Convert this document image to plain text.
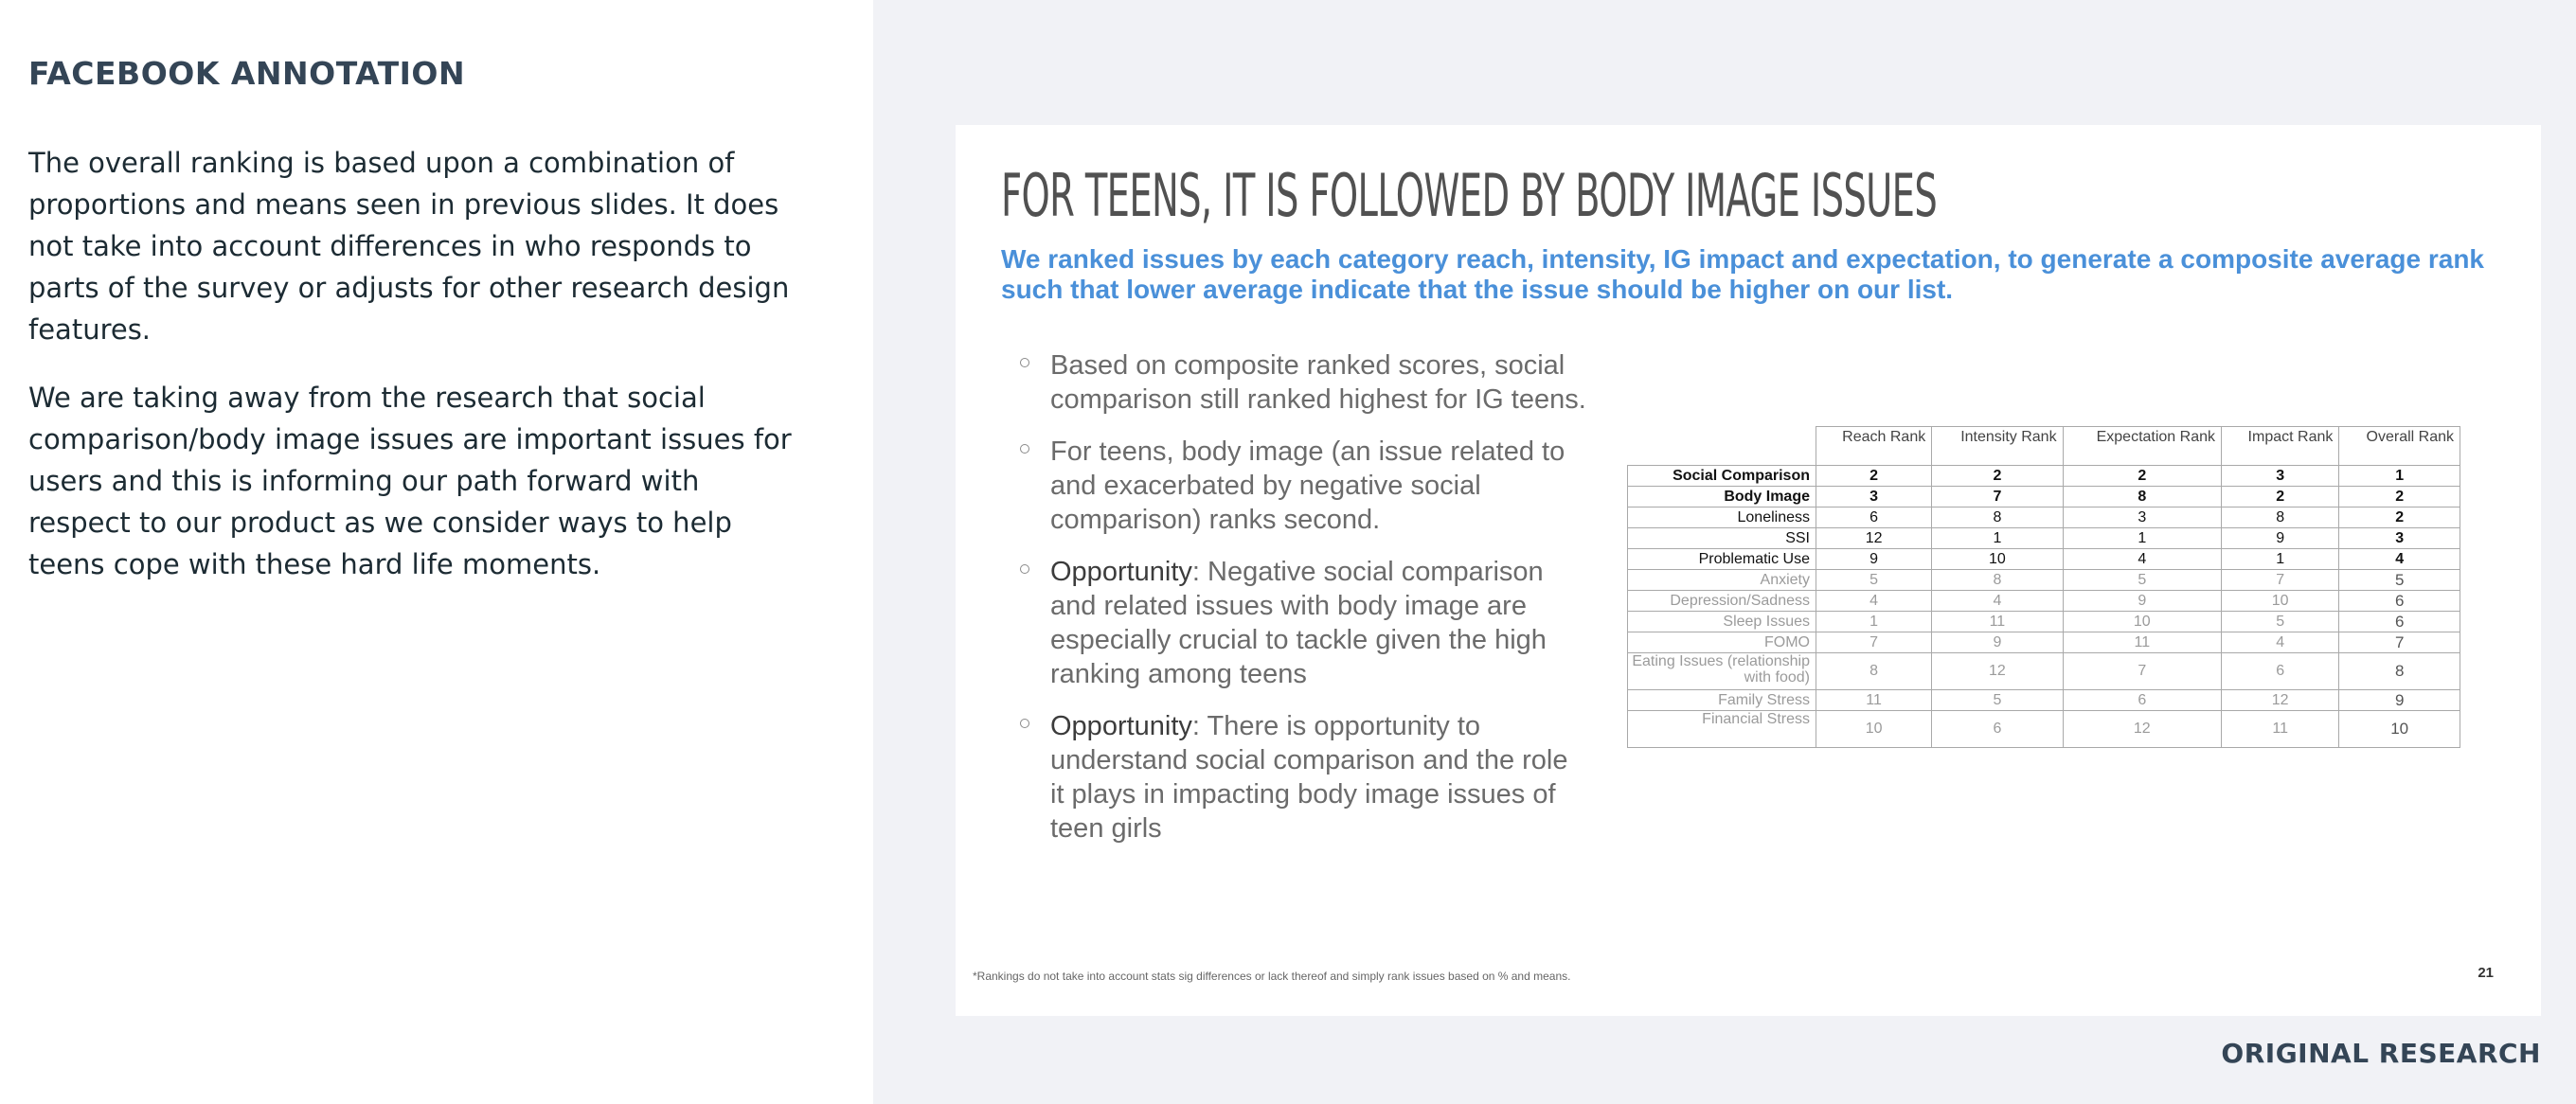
FACEBOOK ANNOTATION

The overall ranking is based upon a combination of proportions and means seen in previous slides. It does not take into account differences in who responds to parts of the survey or adjusts for other research design features.

We are taking away from the research that social comparison/body image issues are important issues for users and this is informing our path forward with respect to our product as we consider ways to help teens cope with these hard life moments.

FOR TEENS, IT IS FOLLOWED BY BODY IMAGE ISSUES
We ranked issues by each category reach, intensity, IG impact and expectation, to generate a composite average rank such that lower average indicate that the issue should be higher on our list.
Based on composite ranked scores, social comparison still ranked highest for IG teens.
For teens, body image (an issue related to and exacerbated by negative social comparison) ranks second.
Opportunity: Negative social comparison and related issues with body image are especially crucial to tackle given the high ranking among teens
Opportunity: There is opportunity to understand social comparison and the role it plays in impacting body image issues of teen girls
	Reach Rank	Intensity Rank	Expectation Rank	Impact Rank	Overall Rank
Social Comparison	2	2	2	3	1
Body Image	3	7	8	2	2
Loneliness	6	8	3	8	2
SSI	12	1	1	9	3
Problematic Use	9	10	4	1	4
Anxiety	5	8	5	7	5
Depression/Sadness	4	4	9	10	6
Sleep Issues	1	11	10	5	6
FOMO	7	9	11	4	7
Eating Issues (relationship with food)	8	12	7	6	8
Family Stress	11	5	6	12	9
Financial Stress	10	6	12	11	10
*Rankings do not take into account stats sig differences or lack thereof and simply rank issues based on % and means.	21
ORIGINAL RESEARCH
